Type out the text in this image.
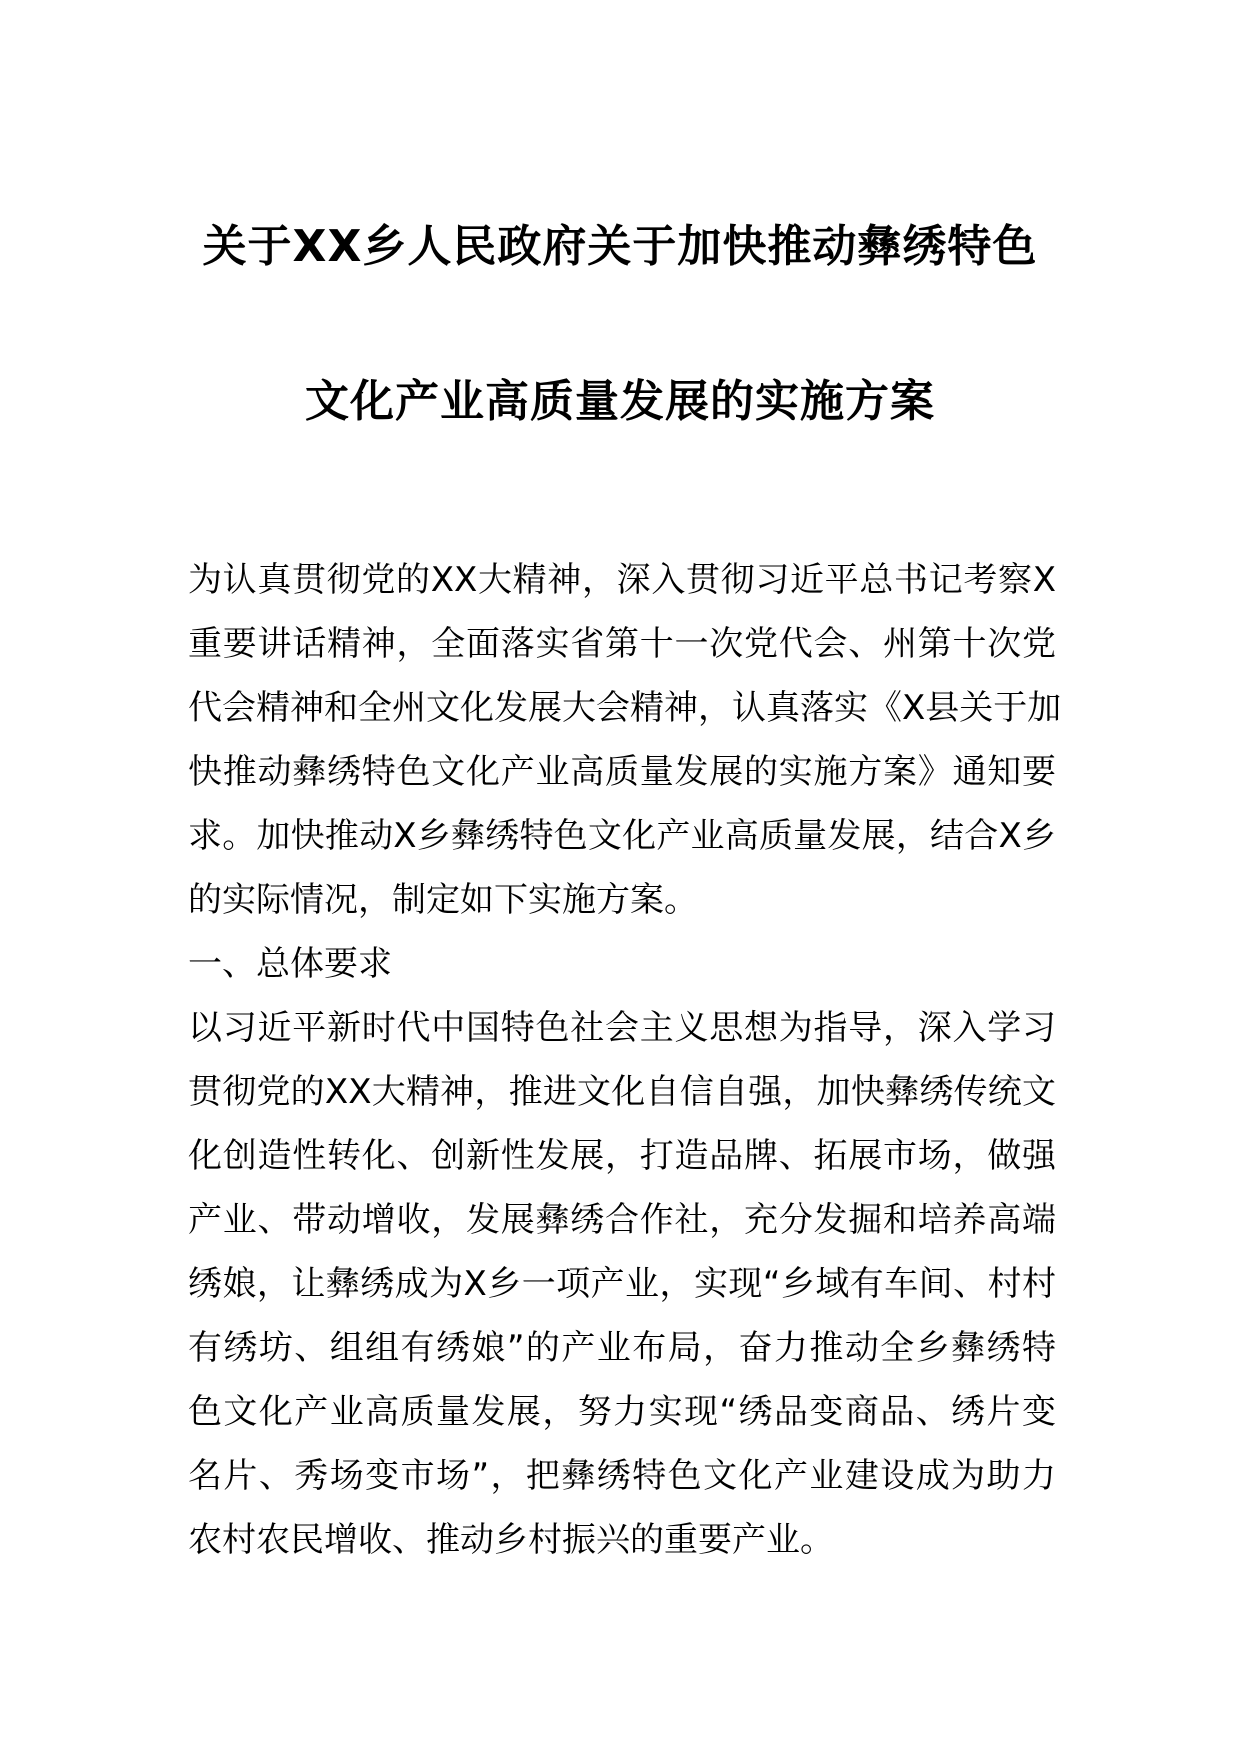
关于XX乡人民政府关于加快推动彝绣特色
文化产业高质量发展的实施方案
为认真贯彻党的XX大精神，深入贯彻习近平总书记考察X
重要讲话精神，全面落实省第十一次党代会、州第十次党
代会精神和全州文化发展大会精神，认真落实《X县关于加
快推动彝绣特色文化产业高质量发展的实施方案》通知要
求。加快推动X乡彝绣特色文化产业高质量发展，结合X乡
的实际情况，制定如下实施方案。
一、总体要求
以习近平新时代中国特色社会主义思想为指导，深入学习
贯彻党的XX大精神，推进文化自信自强，加快彝绣传统文
化创造性转化、创新性发展，打造品牌、拓展市场，做强
产业、带动增收，发展彝绣合作社，充分发掘和培养高端
绣娘，让彝绣成为X乡一项产业，实现“乡域有车间、村村
有绣坊、组组有绣娘”的产业布局，奋力推动全乡彝绣特
色文化产业高质量发展，努力实现“绣品变商品、绣片变
名片、秀场变市场”，把彝绣特色文化产业建设成为助力
农村农民增收、推动乡村振兴的重要产业。
